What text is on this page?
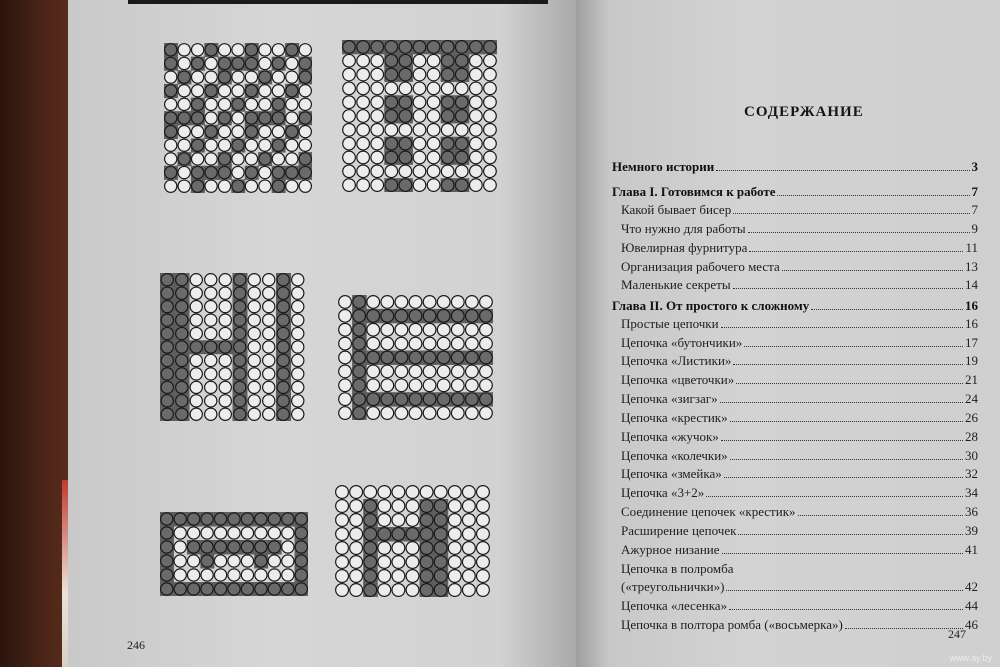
246
247
СОДЕРЖАНИЕ
Немного истории	3
Глава I. Готовимся к работе	7
Какой бывает бисер	7
Что нужно для работы	9
Ювелирная фурнитура	11
Организация рабочего места	13
Маленькие секреты	14
Глава II. От простого к сложному	16
Простые цепочки	16
Цепочка «бутончики»	17
Цепочка «Листики»	19
Цепочка «цветочки»	21
Цепочка «зигзаг»	24
Цепочка «крестик»	26
Цепочка «жучок»	28
Цепочка «колечки»	30
Цепочка «змейка»	32
Цепочка «3+2»	34
Соединение цепочек «крестик»	36
Расширение цепочек	39
Ажурное низание	41
Цепочка в полромба
(«треугольнички»)	42
Цепочка «лесенка»	44
Цепочка в полтора ромба («восьмерка»)	46
www.ay.by
